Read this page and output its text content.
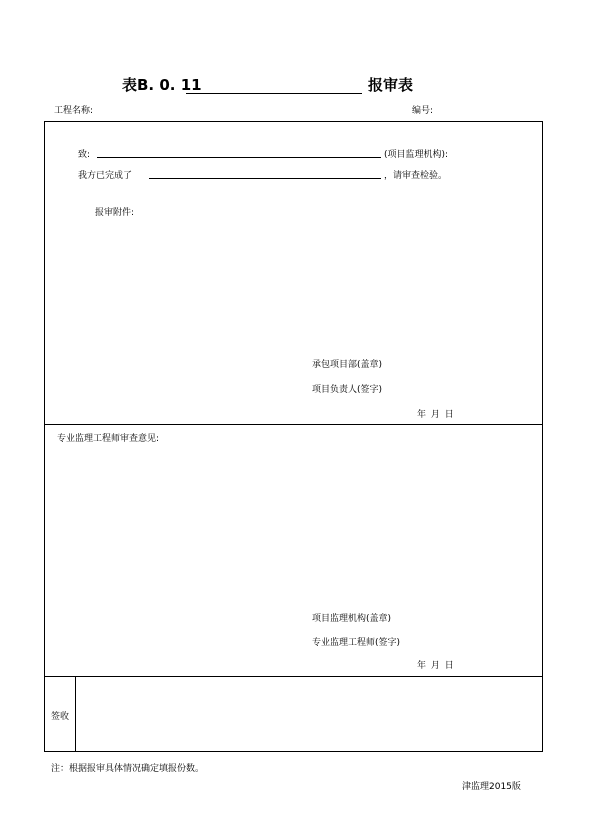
表B. 0. 11	报审表
工程名称:	编号:
致:	(项目监理机构):
我方已完成了	，请审查检验。
报审附件:
承包项目部(盖章)
项目负责人(签字)
年 月 日
专业监理工程师审查意见:
项目监理机构(盖章)
专业监理工程师(签字)
年 月 日
签收
注：根据报审具体情况确定填报份数。
津监理2015版
